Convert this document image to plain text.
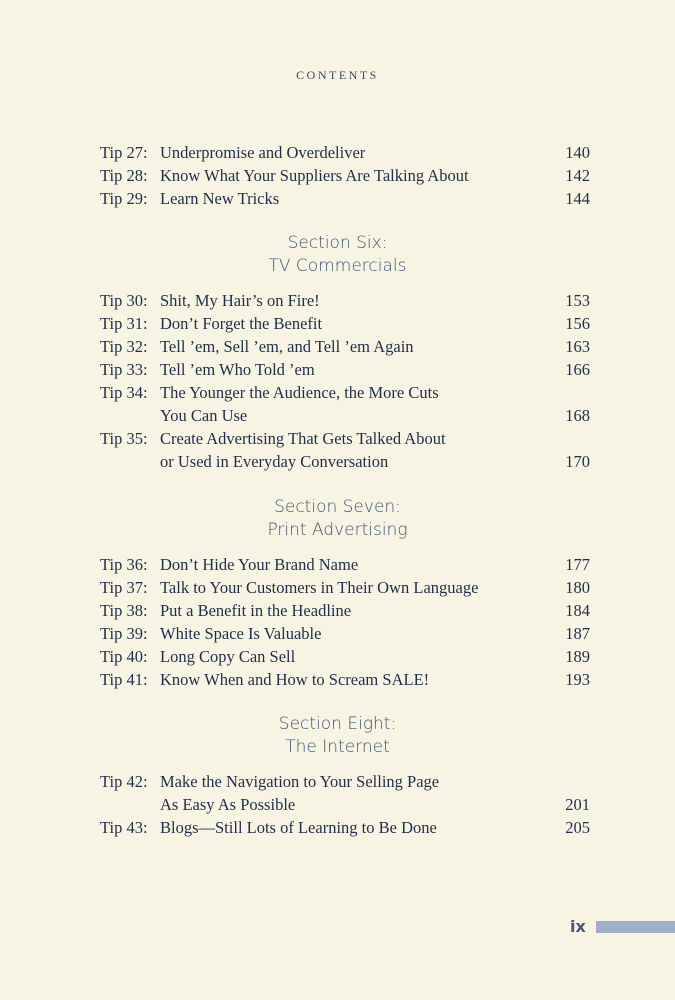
CONTENTS
Tip 27: Underpromise and Overdeliver	140
Tip 28: Know What Your Suppliers Are Talking About	142
Tip 29: Learn New Tricks	144
Section Six:
TV Commercials
Tip 30: Shit, My Hair’s on Fire!	153
Tip 31: Don’t Forget the Benefit	156
Tip 32: Tell ’em, Sell ’em, and Tell ’em Again	163
Tip 33: Tell ’em Who Told ’em	166
Tip 34: The Younger the Audience, the More Cuts
You Can Use	168
Tip 35: Create Advertising That Gets Talked About
or Used in Everyday Conversation	170
Section Seven:
Print Advertising
Tip 36: Don’t Hide Your Brand Name	177
Tip 37: Talk to Your Customers in Their Own Language	180
Tip 38: Put a Benefit in the Headline	184
Tip 39: White Space Is Valuable	187
Tip 40: Long Copy Can Sell	189
Tip 41: Know When and How to Scream SALE!	193
Section Eight:
The Internet
Tip 42: Make the Navigation to Your Selling Page
As Easy As Possible	201
Tip 43: Blogs—Still Lots of Learning to Be Done	205
ix
